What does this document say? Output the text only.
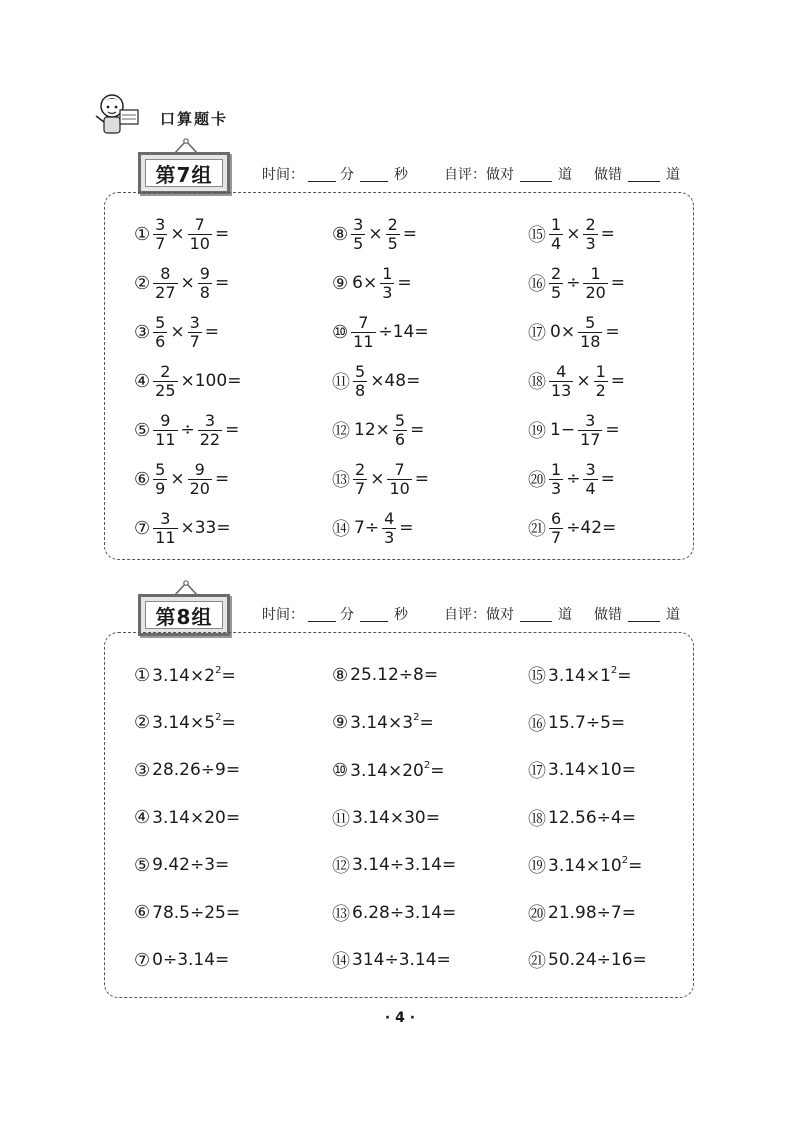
口算题卡
第7组	时间：	分	秒	自评：做对	道 做错	道
① $\frac{3}{7} \times \frac{7}{10}$ =
② $\frac{8}{27} \times \frac{9}{8}$ =
③ $\frac{5}{6} \times \frac{3}{7}$ =
④ $\frac{2}{25} \times 100=$
⑤ $\frac{9}{11} \div \frac{3}{22}$ =
⑥ $\frac{5}{9} \times \frac{9}{20}$ =
⑦ $\frac{3}{11} \times 33=$
⑧ $\frac{3}{5} \times \frac{2}{5}$ =
⑨ $6\times \frac{1}{3}$ =
⑩ $\frac{7}{11} \div 14=$
⑪ $\frac{5}{8} \times 48=$
⑫ $12\times \frac{5}{6}$ =
⑬ $\frac{2}{7} \times \frac{7}{10}$ =
⑭ $7\div \frac{4}{3}$ =
⑮ $\frac{1}{4} \times \frac{2}{3}$ =
⑯ $\frac{2}{5} \div \frac{1}{20}$ =
⑰ $0\times \frac{5}{18}$ =
⑱ $\frac{4}{13} \times \frac{1}{2}$ =
⑲ $1- \frac{3}{17}$ =
⑳ $\frac{1}{3} \div \frac{3}{4}$ =
㉑ $\frac{6}{7} \div 42=$
第8组	时间：	分	秒	自评：做对	道 做错	道
① $3.14\times 2^2=$
② $3.14\times 5^2=$
③ 28.26÷9=
④ 3.14×20=
⑤ 9.42÷3=
⑥ 78.5÷25=
⑦ 0÷3.14=
⑧ 25.12÷8=
⑨ $3.14\times 3^2=$
⑩ $3.14\times 20^2=$
⑪ 3.14×30=
⑫ 3.14÷3.14=
⑬ 6.28÷3.14=
⑭ 314÷3.14=
⑮ $3.14\times 1^2=$
⑯ 15.7÷5=
⑰ 3.14×10=
⑱ 12.56÷4=
⑲ $3.14\times 10^2=$
⑳ 21.98÷7=
㉑ 50.24÷16=
· 4 ·
